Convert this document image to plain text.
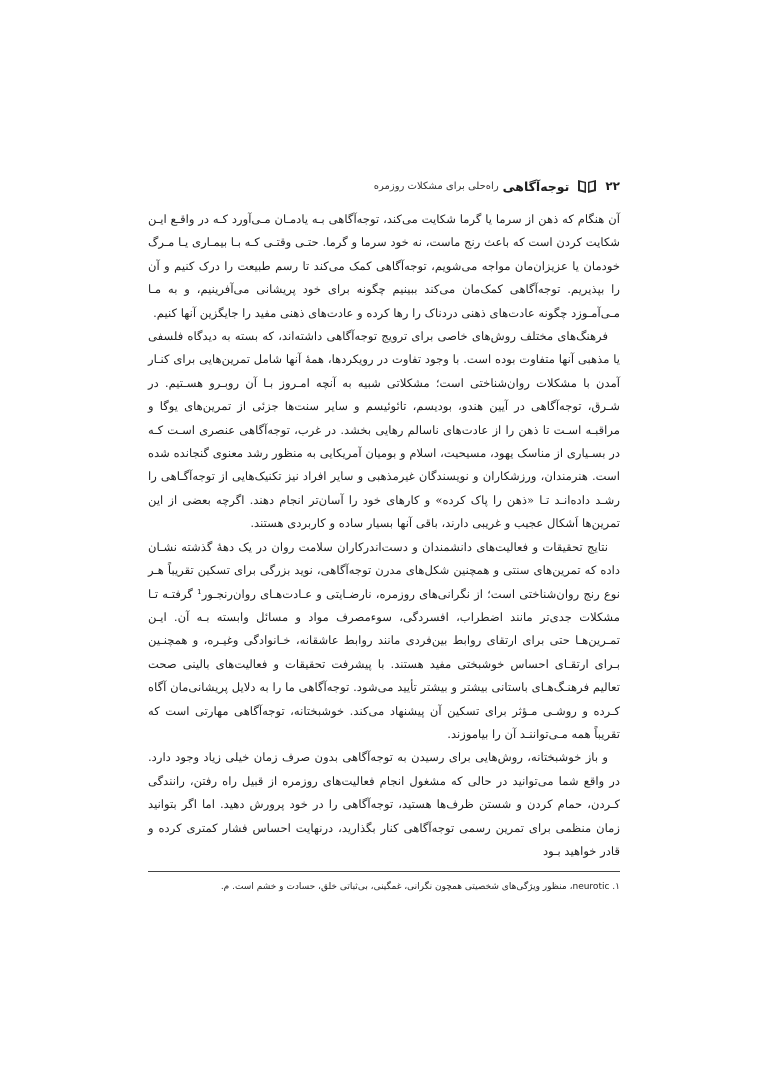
۲۲
توجه‌آگاهی
راه‌حلی برای مشکلات روزمره

آن هنگام که ذهن از سرما یا گرما شکایت می‌کند، توجه‌آگاهی بـه یادمـان مـی‌آورد کـه در واقـع ایـن شکایت کردن است که باعث رنج ماست، نه خود سرما و گرما. حتـی وقتـی کـه بـا بیمـاری یـا مـرگ خودمان یا عزیزان‌مان مواجه می‌شویم، توجه‌آگاهی کمک می‌کند تا رسم طبیعت را درک کنیم و آن را بپذیریم. توجه‌آگاهی کمک‌مان می‌کند ببینیم چگونه برای خود پریشانی می‌آفرینیم، و به مـا مـی‌آمـوزد چگونه عادت‌های ذهنی دردناک را رها کرده و عادت‌های ذهنی مفید را جایگزین آنها کنیم.

فرهنگ‌های مختلف روش‌های خاصی برای ترویج توجه‌آگاهی داشته‌اند، که بسته به دیدگاه فلسفی یا مذهبی آنها متفاوت بوده است. با وجود تفاوت در رویکردها، همهٔ آنها شامل تمرین‌هایی برای کنـار آمدن با مشکلات روان‌شناختی است؛ مشکلاتی شبیه به آنچه امـروز بـا آن روبـرو هسـتیم. در شـرق، توجه‌آگاهی در آیین هندو، بودیسم، تائوئیسم و سایر سنت‌ها جزئی از تمرین‌های یوگا و مراقبـه اسـت تا ذهن را از عادت‌های ناسالم رهایی بخشد. در غرب، توجه‌آگاهی عنصری اسـت کـه در بسـیاری از مناسک یهود، مسیحیت، اسلام و بومیان آمریکایی به منظور رشد معنوی گنجانده شده است. هنرمندان، ورزشکاران و نویسندگان غیرمذهبی و سایر افراد نیز تکنیک‌هایی از توجه‌آگـاهی را رشـد داده‌انـد تـا «ذهن را پاک کرده» و کارهای خود را آسان‌تر انجام دهند. اگرچه بعضی از این تمرین‌ها اَشکال عجیب و غریبی دارند، باقی آنها بسیار ساده و کاربردی هستند.

نتایج تحقیقات و فعالیت‌های دانشمندان و دست‌اندرکاران سلامت روان در یک دهۀ گذشته نشـان داده که تمرین‌های سنتی و همچنین شکل‌های مدرن توجه‌آگاهی، نوید بزرگی برای تسکین تقریباً هـر نوع رنج روان‌شناختی است؛ از نگرانی‌های روزمره، نارضـایتی و عـادت‌هـای روان‌رنجـور¹ گرفتـه تـا مشکلات جدی‌تر مانند اضطراب، افسردگی، سوءمصرف مواد و مسائل وابسته بـه آن. ایـن تمـرین‌هـا حتی برای ارتقای روابط بین‌فردی مانند روابط عاشقانه، خـانوادگی وغیـره، و همچنـین بـرای ارتقـای احساس خوشبختی مفید هستند. با پیشرفت تحقیقات و فعالیت‌های بالینی صحت تعالیم فرهنـگ‌هـای باستانی بیشتر و بیشتر تأیید می‌شود. توجه‌آگاهی ما را به دلایل پریشانی‌مان آگاه کـرده و روشـی مـؤثر برای تسکین آن پیشنهاد می‌کند. خوشبختانه، توجه‌آگاهی مهارتی است که تقریباً همه مـی‌تواننـد آن را بیاموزند.

و باز خوشبختانه، روش‌هایی برای رسیدن به توجه‌آگاهی بدون صرف زمان خیلی زیاد وجود دارد. در واقع شما می‌توانید در حالی که مشغول انجام فعالیت‌های روزمره از قبیل راه رفتن، رانندگی کـردن، حمام کردن و شستن ظرف‌ها هستید، توجه‌آگاهی را در خود پرورش دهید. اما اگر بتوانید زمان منظمی برای تمرین رسمی توجه‌آگاهی کنار بگذارید، درنهایت احساس فشار کمتری کرده و قادر خواهید بـود

۱. neurotic، منظور ویژگی‌های شخصیتی همچون نگرانی، غمگینی، بی‌ثباتی خلق، حسادت و خشم است. م.
